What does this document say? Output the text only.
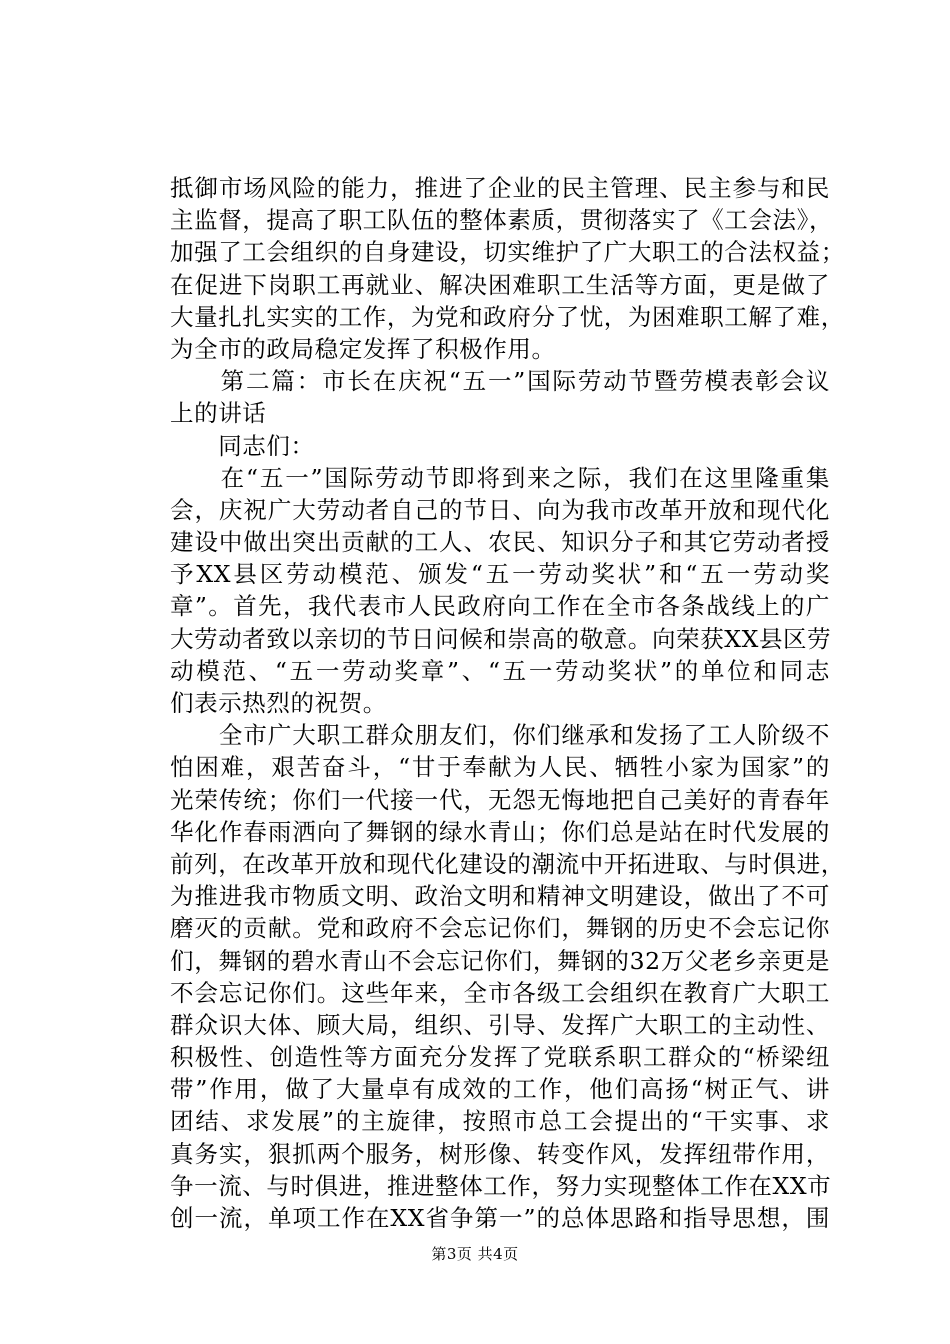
抵御市场风险的能力，推进了企业的民主管理、民主参与和民
主监督，提高了职工队伍的整体素质，贯彻落实了《工会法》，
加强了工会组织的自身建设，切实维护了广大职工的合法权益；
在促进下岗职工再就业、解决困难职工生活等方面，更是做了
大量扎扎实实的工作，为党和政府分了忧，为困难职工解了难，
为全市的政局稳定发挥了积极作用。
　　第二篇：市长在庆祝“五一”国际劳动节暨劳模表彰会议
上的讲话
　　同志们：
　　在“五一”国际劳动节即将到来之际，我们在这里隆重集
会，庆祝广大劳动者自己的节日、向为我市改革开放和现代化
建设中做出突出贡献的工人、农民、知识分子和其它劳动者授
予XX县区劳动模范、颁发“五一劳动奖状”和“五一劳动奖
章”。首先，我代表市人民政府向工作在全市各条战线上的广
大劳动者致以亲切的节日问候和崇高的敬意。向荣获XX县区劳
动模范、“五一劳动奖章”、“五一劳动奖状”的单位和同志
们表示热烈的祝贺。
　　全市广大职工群众朋友们，你们继承和发扬了工人阶级不
怕困难，艰苦奋斗，“甘于奉献为人民、牺牲小家为国家”的
光荣传统；你们一代接一代，无怨无悔地把自己美好的青春年
华化作春雨洒向了舞钢的绿水青山；你们总是站在时代发展的
前列，在改革开放和现代化建设的潮流中开拓进取、与时俱进，
为推进我市物质文明、政治文明和精神文明建设，做出了不可
磨灭的贡献。党和政府不会忘记你们，舞钢的历史不会忘记你
们，舞钢的碧水青山不会忘记你们，舞钢的32万父老乡亲更是
不会忘记你们。这些年来，全市各级工会组织在教育广大职工
群众识大体、顾大局，组织、引导、发挥广大职工的主动性、
积极性、创造性等方面充分发挥了党联系职工群众的“桥梁纽
带”作用，做了大量卓有成效的工作，他们高扬“树正气、讲
团结、求发展”的主旋律，按照市总工会提出的“干实事、求
真务实，狠抓两个服务，树形像、转变作风，发挥纽带作用，
争一流、与时俱进，推进整体工作，努力实现整体工作在XX市
创一流，单项工作在XX省争第一”的总体思路和指导思想，围
第3页 共4页
